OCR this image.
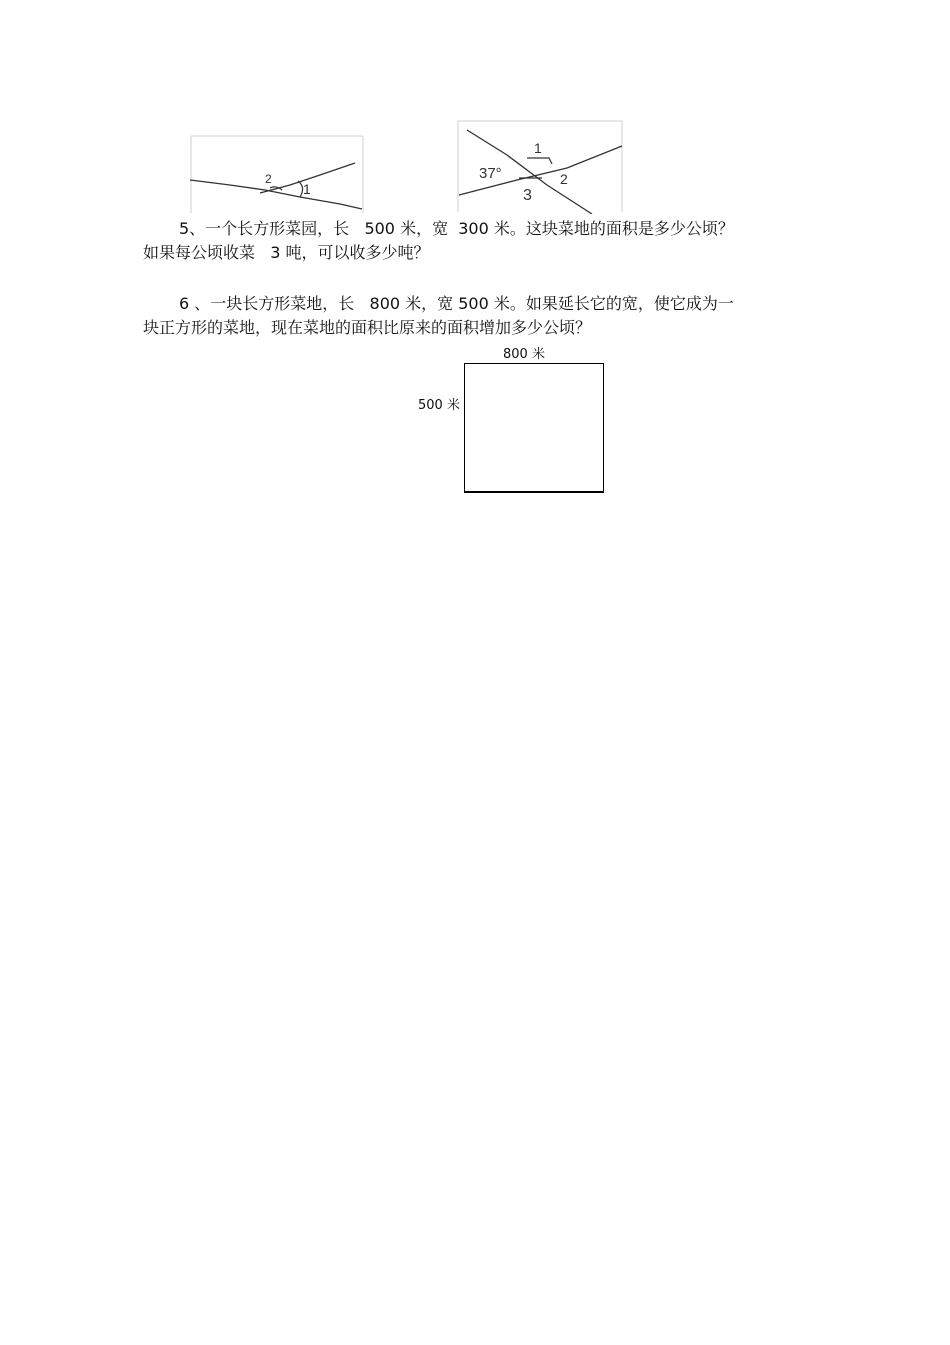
1
2
1
37°	2
3
5、一个长方形菜园，长   500 米，宽  300 米。这块菜地的面积是多少公顷？
如果每公顷收菜   3 吨，可以收多少吨？
6 、一块长方形菜地，长   800 米，宽 500 米。如果延长它的宽，使它成为一
块正方形的菜地，现在菜地的面积比原来的面积增加多少公顷？
800 米
500 米
